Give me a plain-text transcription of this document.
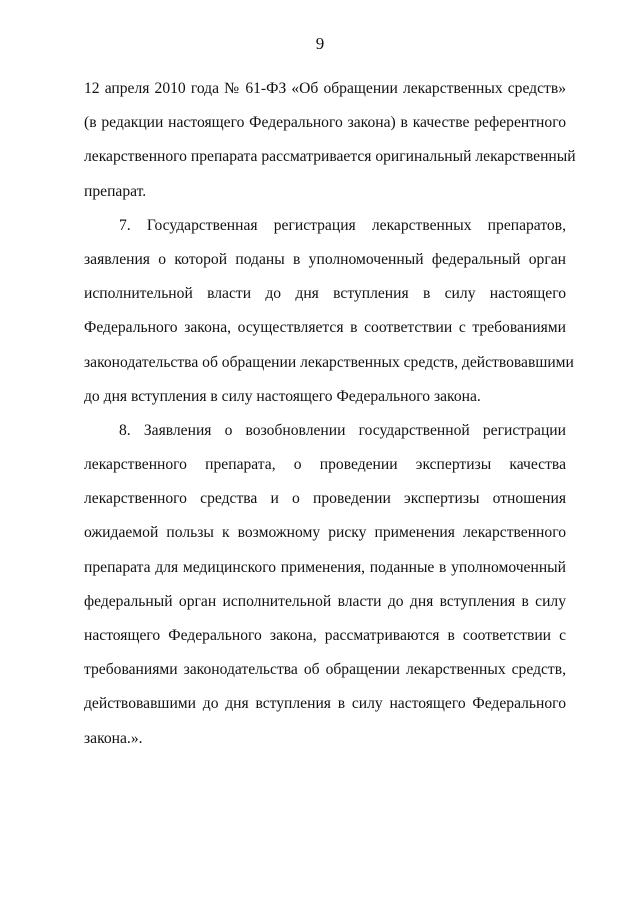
9
12 апреля 2010 года № 61-ФЗ «Об обращении лекарственных средств»
(в редакции настоящего Федерального закона) в качестве референтного
лекарственного препарата рассматривается оригинальный лекарственный
препарат.
7. Государственная регистрация лекарственных препаратов,
заявления о которой поданы в уполномоченный федеральный орган
исполнительной власти до дня вступления в силу настоящего
Федерального закона, осуществляется в соответствии с требованиями
законодательства об обращении лекарственных средств, действовавшими
до дня вступления в силу настоящего Федерального закона.
8. Заявления о возобновлении государственной регистрации
лекарственного препарата, о проведении экспертизы качества
лекарственного средства и о проведении экспертизы отношения
ожидаемой пользы к возможному риску применения лекарственного
препарата для медицинского применения, поданные в уполномоченный
федеральный орган исполнительной власти до дня вступления в силу
настоящего Федерального закона, рассматриваются в соответствии с
требованиями законодательства об обращении лекарственных средств,
действовавшими до дня вступления в силу настоящего Федерального
закона.».
